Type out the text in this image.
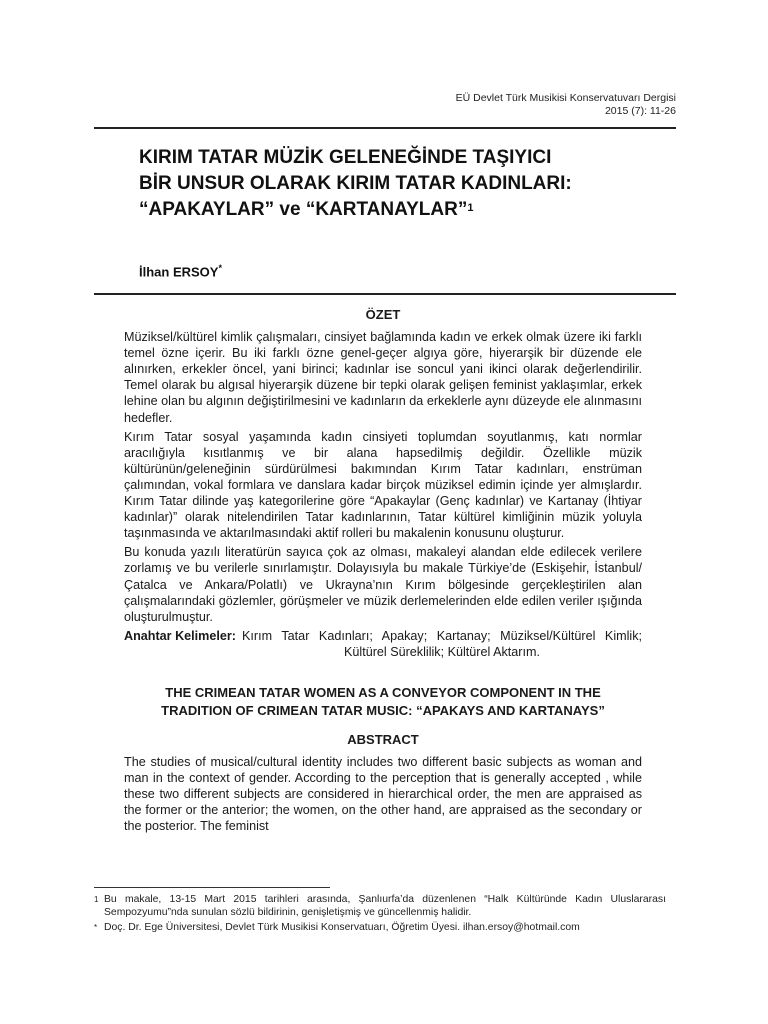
EÜ Devlet Türk Musikisi Konservatuvarı Dergisi
2015 (7): 11-26
KIRIM TATAR MÜZİK GELENEĞİNDE TAŞIYICI
BİR UNSUR OLARAK KIRIM TATAR KADINLARI:
“APAKAYLAR” ve “KARTANAYLAR”$^1$
İlhan ERSOY*
ÖZET

Müziksel/kültürel kimlik çalışmaları, cinsiyet bağlamında kadın ve erkek olmak üzere iki farklı temel özne içerir. Bu iki farklı özne genel-geçer algıya göre, hiyerarşik bir düzende ele alınırken, erkekler öncel, yani birinci; kadınlar ise soncul yani ikinci olarak değerlendirilir. Temel olarak bu algısal hiyerarşik düzene bir tepki olarak gelişen feminist yaklaşımlar, erkek lehine olan bu algının değiştirilmesini ve kadınların da erkeklerle aynı düzeyde ele alınmasını hedefler.

Kırım Tatar sosyal yaşamında kadın cinsiyeti toplumdan soyutlanmış, katı normlar aracılığıyla kısıtlanmış ve bir alana hapsedilmiş değildir. Özellikle müzik kültürünün/geleneğinin sürdürülmesi bakımından Kırım Tatar kadınları, enstrüman çalımından, vokal formlara ve danslara kadar birçok müziksel edimin içinde yer almışlardır. Kırım Tatar dilinde yaş kategorilerine göre “Apakaylar (Genç kadınlar) ve Kartanay (İhtiyar kadınlar)” olarak nitelendirilen Tatar kadınlarının, Tatar kültürel kimliğinin müzik yoluyla taşınmasında ve aktarılmasındaki aktif rolleri bu makalenin konusunu oluşturur.

Bu konuda yazılı literatürün sayıca çok az olması, makaleyi alandan elde edilecek verilere zorlamış ve bu verilerle sınırlamıştır. Dolayısıyla bu makale Türkiye’de (Eskişehir, İstanbul/Çatalca ve Ankara/Polatlı) ve Ukrayna’nın Kırım bölgesinde gerçekleştirilen alan çalışmalarındaki gözlemler, görüşmeler ve müzik derlemelerinden elde edilen veriler ışığında oluşturulmuştur.

Anahtar Kelimeler: Kırım Tatar Kadınları; Apakay; Kartanay; Müziksel/Kültürel Kimlik; Kültürel Süreklilik; Kültürel Aktarım.
THE CRIMEAN TATAR WOMEN AS A CONVEYOR COMPONENT IN THE
TRADITION OF CRIMEAN TATAR MUSIC: “APAKAYS AND KARTANAYS”
ABSTRACT

The studies of musical/cultural identity includes two different basic subjects as woman and man in the context of gender. According to the perception that is generally accepted , while these two different subjects are considered in hierarchical order, the men are appraised as the former or the anterior; the women, on the other hand, are appraised as the secondary or the posterior. The feminist

1 Bu makale, 13-15 Mart 2015 tarihleri arasında, Şanlıurfa’da düzenlenen “Halk Kültüründe Kadın Uluslararası Sempozyumu”nda sunulan sözlü bildirinin, genişletişmiş ve güncellenmiş halidir.
* Doç. Dr. Ege Üniversitesi, Devlet Türk Musikisi Konservatuarı, Öğretim Üyesi. ilhan.ersoy@hotmail.com
